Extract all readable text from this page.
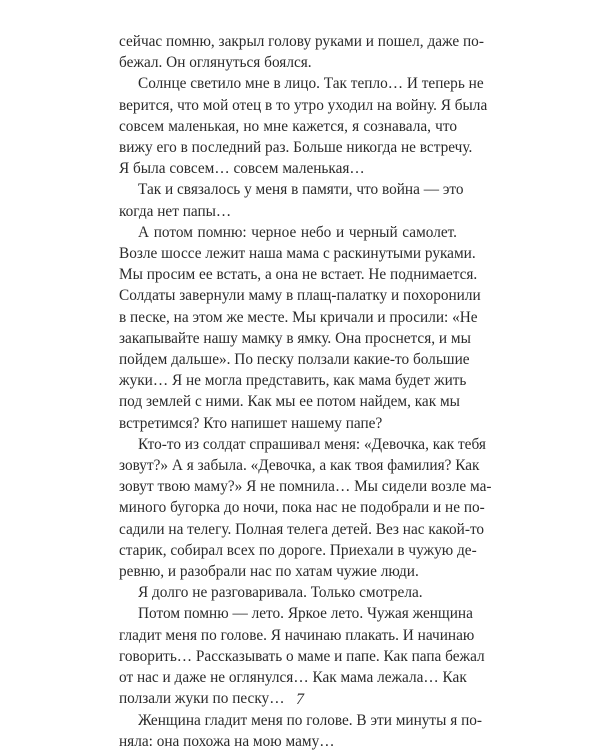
сейчас помню, закрыл голову руками и пошел, даже по-
бежал. Он оглянуться боялся.

Солнце светило мне в лицо. Так тепло… И теперь не
верится, что мой отец в то утро уходил на войну. Я была
совсем маленькая, но мне кажется, я сознавала, что
вижу его в последний раз. Больше никогда не встречу.
Я была совсем… совсем маленькая…

Так и связалось у меня в памяти, что война — это
когда нет папы…

А потом помню: черное небо и черный самолет.
Возле шоссе лежит наша мама с раскинутыми руками.
Мы просим ее встать, а она не встает. Не поднимается.
Солдаты завернули маму в плащ-палатку и похоронили
в песке, на этом же месте. Мы кричали и просили: «Не
закапывайте нашу мамку в ямку. Она проснется, и мы
пойдем дальше». По песку ползали какие-то большие
жуки… Я не могла представить, как мама будет жить
под землей с ними. Как мы ее потом найдем, как мы
встретимся? Кто напишет нашему папе?

Кто-то из солдат спрашивал меня: «Девочка, как тебя
зовут?» А я забыла. «Девочка, а как твоя фамилия? Как
зовут твою маму?» Я не помнила… Мы сидели возле ма-
миного бугорка до ночи, пока нас не подобрали и не по-
садили на телегу. Полная телега детей. Вез нас какой-то
старик, собирал всех по дороге. Приехали в чужую де-
ревню, и разобрали нас по хатам чужие люди.

Я долго не разговаривала. Только смотрела.

Потом помню — лето. Яркое лето. Чужая женщина
гладит меня по голове. Я начинаю плакать. И начинаю
говорить… Рассказывать о маме и папе. Как папа бежал
от нас и даже не оглянулся… Как мама лежала… Как
ползали жуки по песку…

Женщина гладит меня по голове. В эти минуты я по-
няла: она похожа на мою маму…

7
